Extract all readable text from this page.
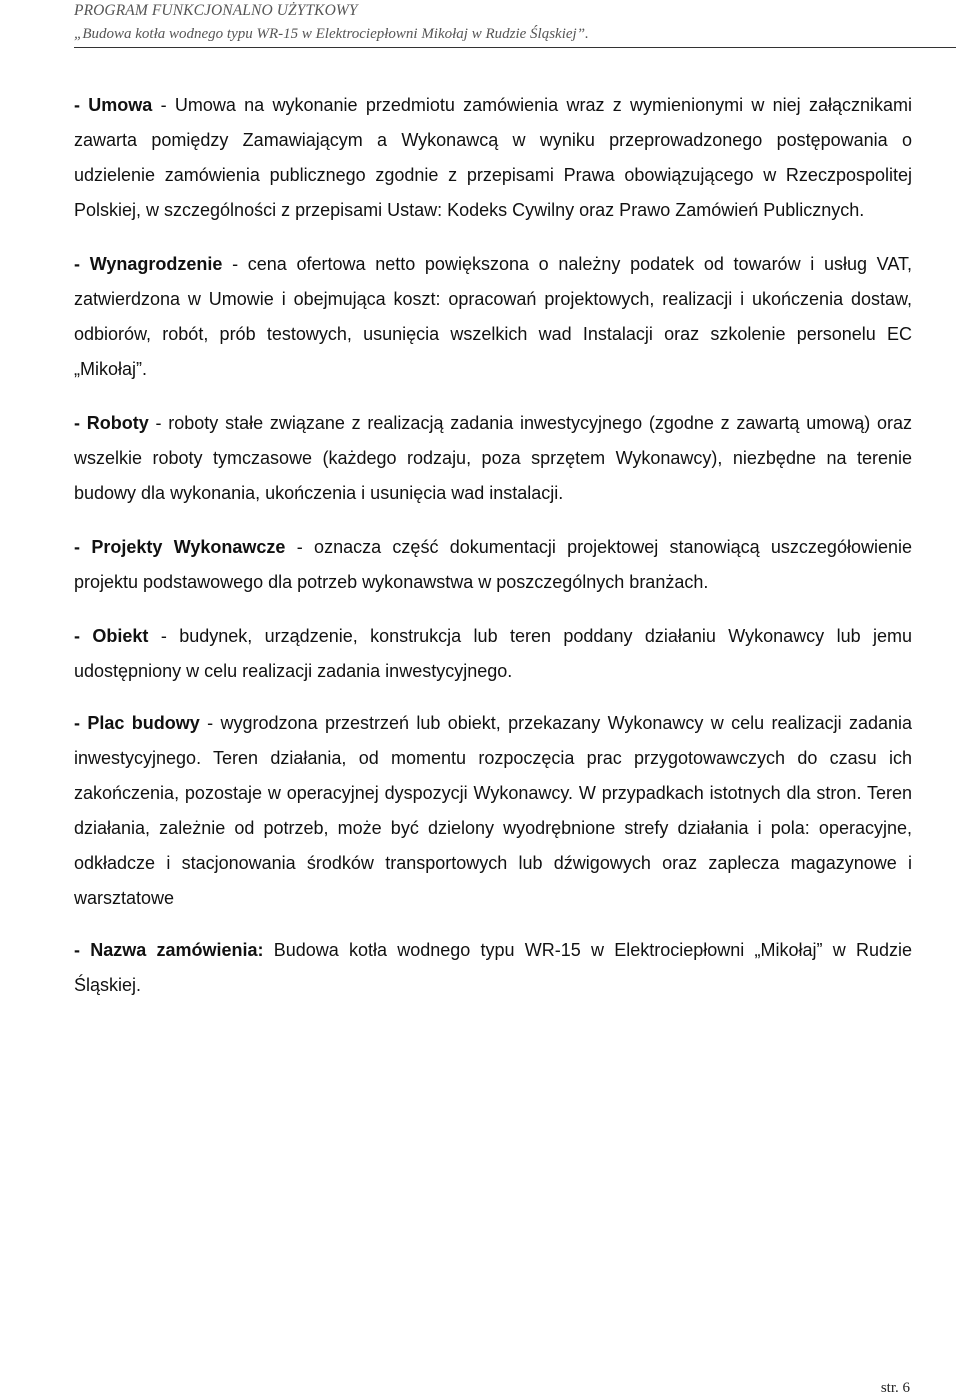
PROGRAM FUNKCJONALNO UŻYTKOWY
„Budowa kotła wodnego typu WR-15 w Elektrociepłowni Mikołaj w Rudzie Śląskiej”.

- Umowa - Umowa na wykonanie przedmiotu zamówienia wraz z wymienionymi w niej załącznikami zawarta pomiędzy Zamawiającym a Wykonawcą w wyniku przeprowadzonego postępowania o udzielenie zamówienia publicznego zgodnie z przepisami Prawa obowiązującego w Rzeczpospolitej Polskiej, w szczególności z przepisami Ustaw: Kodeks Cywilny oraz Prawo Zamówień Publicznych.

- Wynagrodzenie - cena ofertowa netto powiększona o należny podatek od towarów i usług VAT, zatwierdzona w Umowie i obejmująca koszt: opracowań projektowych, realizacji i ukończenia dostaw, odbiorów, robót, prób testowych, usunięcia wszelkich wad Instalacji oraz szkolenie personelu EC „Mikołaj”.

- Roboty - roboty stałe związane z realizacją zadania inwestycyjnego (zgodne z zawartą umową) oraz wszelkie roboty tymczasowe (każdego rodzaju, poza sprzętem Wykonawcy), niezbędne na terenie budowy dla wykonania, ukończenia i usunięcia wad instalacji.

- Projekty Wykonawcze - oznacza część dokumentacji projektowej stanowiącą uszczegółowienie projektu podstawowego dla potrzeb wykonawstwa w poszczególnych branżach.

- Obiekt - budynek, urządzenie, konstrukcja lub teren poddany działaniu Wykonawcy lub jemu udostępniony w celu realizacji zadania inwestycyjnego.

- Plac budowy - wygrodzona przestrzeń lub obiekt, przekazany Wykonawcy w celu realizacji zadania inwestycyjnego. Teren działania, od momentu rozpoczęcia prac przygotowawczych do czasu ich zakończenia, pozostaje w operacyjnej dyspozycji Wykonawcy. W przypadkach istotnych dla stron. Teren działania, zależnie od potrzeb, może być dzielony wyodrębnione strefy działania i pola: operacyjne, odkładcze i stacjonowania środków transportowych lub dźwigowych oraz zaplecza magazynowe i warsztatowe

- Nazwa zamówienia: Budowa kotła wodnego typu WR-15 w Elektrociepłowni „Mikołaj” w Rudzie Śląskiej.

str. 6
